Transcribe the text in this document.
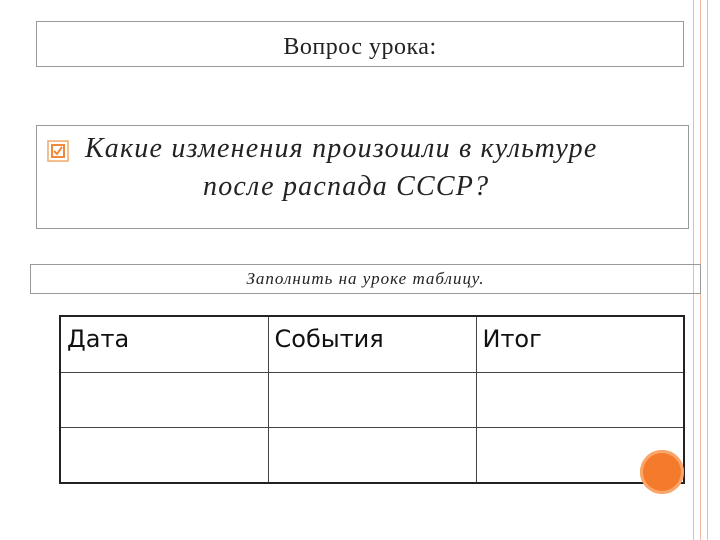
Вопрос урока:
Какие изменения произошли в культуре
после распада СССР?
Заполнить на уроке таблицу.
Дата	События	Итог
